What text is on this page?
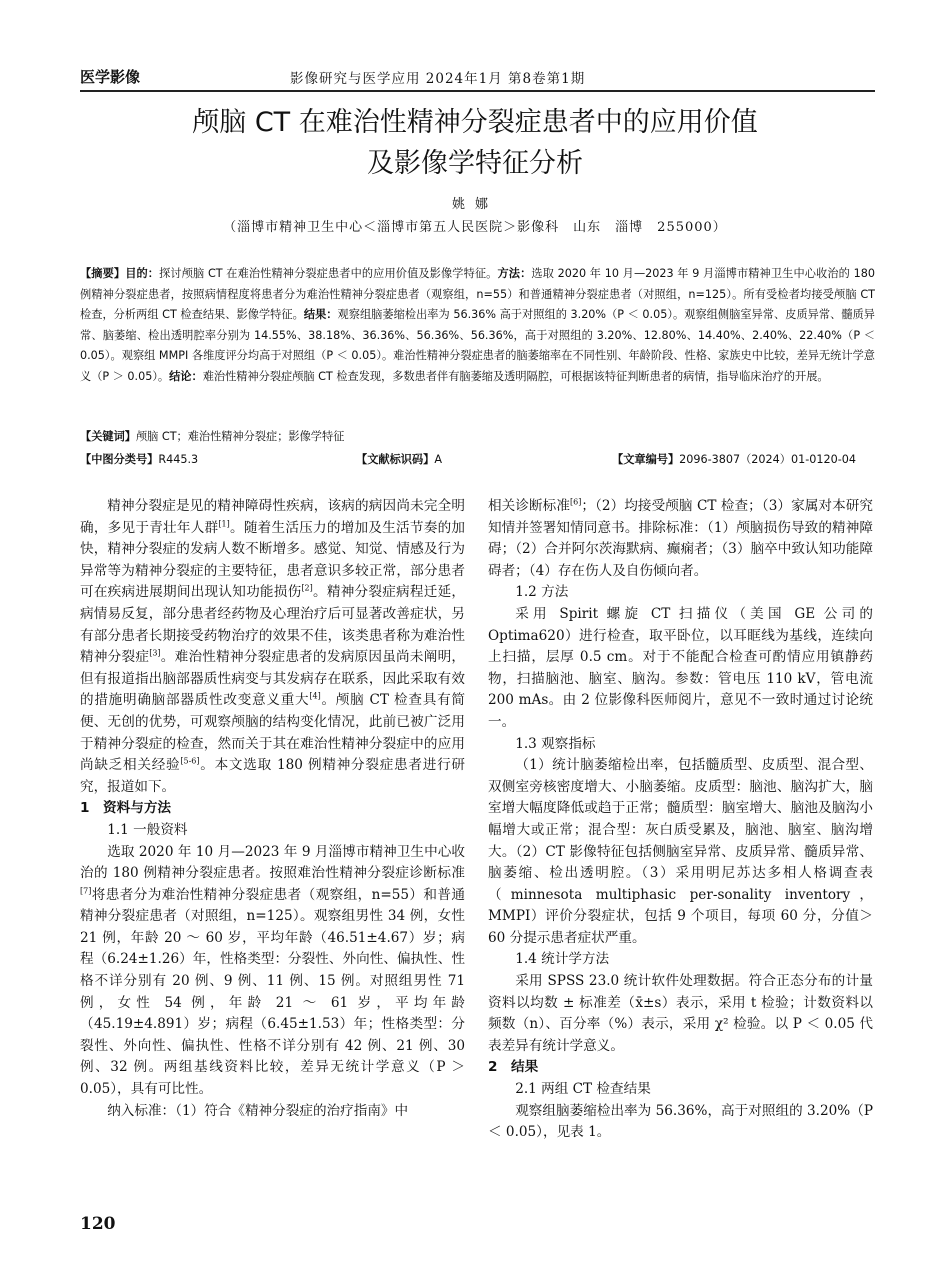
医学影像	影像研究与医学应用 2024年1月 第8卷第1期
颅脑 CT 在难治性精神分裂症患者中的应用价值
及影像学特征分析
姚娜
（淄博市精神卫生中心＜淄博市第五人民医院＞影像科　山东　淄博　255000）
【摘要】目的：探讨颅脑 CT 在难治性精神分裂症患者中的应用价值及影像学特征。方法：选取 2020 年 10 月—2023 年 9 月淄博市精神卫生中心收治的 180 例精神分裂症患者，按照病情程度将患者分为难治性精神分裂症患者（观察组，n=55）和普通精神分裂症患者（对照组，n=125）。所有受检者均接受颅脑 CT 检查，分析两组 CT 检查结果、影像学特征。结果：观察组脑萎缩检出率为 56.36% 高于对照组的 3.20%（P ＜ 0.05）。观察组侧脑室异常、皮质异常、髓质异常、脑萎缩、检出透明腔率分别为 14.55%、38.18%、36.36%、56.36%、56.36%，高于对照组的 3.20%、12.80%、14.40%、2.40%、22.40%（P ＜ 0.05）。观察组 MMPI 各维度评分均高于对照组（P ＜ 0.05）。难治性精神分裂症患者的脑萎缩率在不同性别、年龄阶段、性格、家族史中比较，差异无统计学意义（P ＞ 0.05）。结论：难治性精神分裂症颅脑 CT 检查发现，多数患者伴有脑萎缩及透明隔腔，可根据该特征判断患者的病情，指导临床治疗的开展。
【关键词】颅脑 CT；难治性精神分裂症；影像学特征
【中图分类号】R445.3	【文献标识码】A	【文章编号】2096-3807（2024）01-0120-04

精神分裂症是见的精神障碍性疾病，该病的病因尚未完全明确，多见于青壮年人群[1]。随着生活压力的增加及生活节奏的加快，精神分裂症的发病人数不断增多。感觉、知觉、情感及行为异常等为精神分裂症的主要特征，患者意识多较正常，部分患者可在疾病进展期间出现认知功能损伤[2]。精神分裂症病程迁延，病情易反复，部分患者经药物及心理治疗后可显著改善症状，另有部分患者长期接受药物治疗的效果不佳，该类患者称为难治性精神分裂症[3]。难治性精神分裂症患者的发病原因虽尚未阐明，但有报道指出脑部器质性病变与其发病存在联系，因此采取有效的措施明确脑部器质性改变意义重大[4]。颅脑 CT 检查具有简便、无创的优势，可观察颅脑的结构变化情况，此前已被广泛用于精神分裂症的检查，然而关于其在难治性精神分裂症中的应用尚缺乏相关经验[5-6]。本文选取 180 例精神分裂症患者进行研究，报道如下。

1　资料与方法

1.1 一般资料

选取 2020 年 10 月—2023 年 9 月淄博市精神卫生中心收治的 180 例精神分裂症患者。按照难治性精神分裂症诊断标准[7]将患者分为难治性精神分裂症患者（观察组，n=55）和普通精神分裂症患者（对照组，n=125）。观察组男性 34 例，女性 21 例，年龄 20 ～ 60 岁，平均年龄（46.51±4.67）岁；病程（6.24±1.26）年，性格类型：分裂性、外向性、偏执性、性格不详分别有 20 例、9 例、11 例、15 例。对照组男性 71 例，女性 54 例，年龄 21 ～ 61 岁，平均年龄（45.19±4.891）岁；病程（6.45±1.53）年；性格类型：分裂性、外向性、偏执性、性格不详分别有 42 例、21 例、30 例、32 例。两组基线资料比较，差异无统计学意义（P ＞ 0.05），具有可比性。

纳入标准：（1）符合《精神分裂症的治疗指南》中

相关诊断标准[6]；（2）均接受颅脑 CT 检查；（3）家属对本研究知情并签署知情同意书。排除标准：（1）颅脑损伤导致的精神障碍；（2）合并阿尔茨海默病、癫痫者；（3）脑卒中致认知功能障碍者；（4）存在伤人及自伤倾向者。

1.2 方法

采用 Spirit 螺旋 CT 扫描仪（美国 GE 公司的 Optima620）进行检查，取平卧位，以耳眶线为基线，连续向上扫描，层厚 0.5 cm。对于不能配合检查可酌情应用镇静药物，扫描脑池、脑室、脑沟。参数：管电压 110 kV，管电流 200 mAs。由 2 位影像科医师阅片，意见不一致时通过讨论统一。

1.3 观察指标

（1）统计脑萎缩检出率，包括髓质型、皮质型、混合型、双侧室旁核密度增大、小脑萎缩。皮质型：脑池、脑沟扩大，脑室增大幅度降低或趋于正常；髓质型：脑室增大、脑池及脑沟小幅增大或正常；混合型：灰白质受累及，脑池、脑室、脑沟增大。（2）CT 影像特征包括侧脑室异常、皮质异常、髓质异常、脑萎缩、检出透明腔。（3）采用明尼苏达多相人格调查表（minnesota multiphasic per-sonality inventory，MMPI）评价分裂症状，包括 9 个项目，每项 60 分，分值＞60 分提示患者症状严重。

1.4 统计学方法

采用 SPSS 23.0 统计软件处理数据。符合正态分布的计量资料以均数 ± 标准差（x̄±s）表示，采用 t 检验；计数资料以频数（n）、百分率（%）表示，采用 χ² 检验。以 P ＜ 0.05 代表差异有统计学意义。

2　结果

2.1 两组 CT 检查结果

观察组脑萎缩检出率为 56.36%，高于对照组的 3.20%（P ＜ 0.05），见表 1。

120
